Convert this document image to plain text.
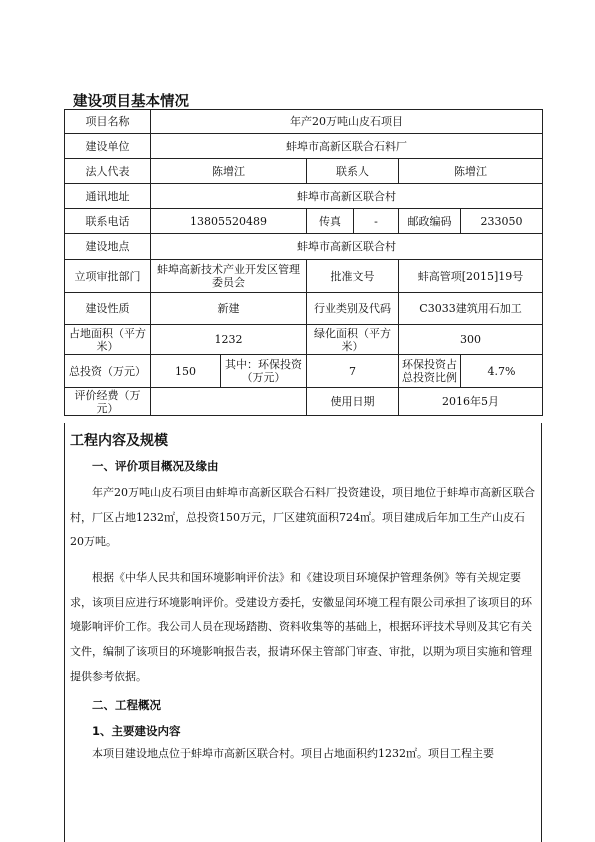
建设项目基本情况
项目名称	年产20万吨山皮石项目				
建设单位	蚌埠市高新区联合石料厂				
法人代表	陈增江		联系人	陈增江	
通讯地址	蚌埠市高新区联合村				
联系电话	13805520489		传真 -	邮政编码	233050
建设地点	蚌埠市高新区联合村				
立项审批部门	蚌埠高新技术产业开发区管理委员会		批准文号	蚌高管项[2015]19号	
建设性质	新建		行业类别及代码	C3033建筑用石加工	
占地面积（平方米）	1232		绿化面积（平方米）	300	
总投资（万元）	150	其中：环保投资（万元）	7	环保投资占总投资比例	4.7%
评价经费（万元）			使用日期	2016年5月	
工程内容及规模
一、评价项目概况及缘由

年产20万吨山皮石项目由蚌埠市高新区联合石料厂投资建设，项目地位于蚌埠市高新区联合村，厂区占地1232㎡，总投资150万元，厂区建筑面积724㎡。项目建成后年加工生产山皮石20万吨。

根据《中华人民共和国环境影响评价法》和《建设项目环境保护管理条例》等有关规定要求，该项目应进行环境影响评价。受建设方委托，安徽显闰环境工程有限公司承担了该项目的环境影响评价工作。我公司人员在现场踏勘、资料收集等的基础上，根据环评技术导则及其它有关文件，编制了该项目的环境影响报告表，报请环保主管部门审查、审批，以期为项目实施和管理提供参考依据。

二、工程概况
1、主要建设内容

本项目建设地点位于蚌埠市高新区联合村。项目占地面积约1232㎡。项目工程主要
